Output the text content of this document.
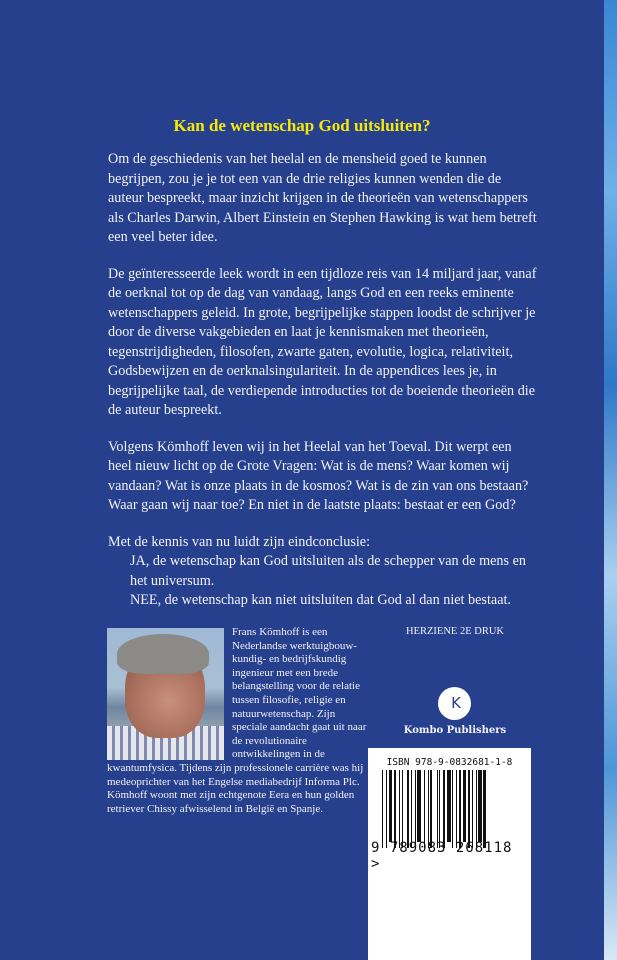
Kan de wetenschap God uitsluiten?

Om de geschiedenis van het heelal en de mensheid goed te kunnen begrijpen, zou je je tot een van de drie religies kunnen wenden die de auteur bespreekt, maar inzicht krijgen in de theorieën van wetenschappers als Charles Darwin, Albert Einstein en Stephen Hawking is wat hem betreft een veel beter idee.

De geïnteresseerde leek wordt in een tijdloze reis van 14 miljard jaar, vanaf de oerknal tot op de dag van vandaag, langs God en een reeks eminente wetenschappers geleid. In grote, begrijpelijke stappen loodst de schrijver je door de diverse vakgebieden en laat je kennismaken met theorieën, tegenstrijdigheden, filosofen, zwarte gaten, evolutie, logica, relativiteit, Godsbewijzen en de oerknalsingulariteit. In de appendices lees je, in begrijpelijke taal, de verdiepende introducties tot de boeiende theorieën die de auteur bespreekt.

Volgens Kömhoff leven wij in het Heelal van het Toeval. Dit werpt een heel nieuw licht op de Grote Vragen: Wat is de mens? Waar komen wij vandaan? Wat is onze plaats in de kosmos? Wat is de zin van ons bestaan? Waar gaan wij naar toe? En niet in de laatste plaats: bestaat er een God?

Met de kennis van nu luidt zijn eindconclusie:
JA, de wetenschap kan God uitsluiten als de schepper van de mens en het universum.
NEE, de wetenschap kan niet uitsluiten dat God al dan niet bestaat.
Frans Kömhoff is een Nederlandse werktuigbouw-kundig- en bedrijfskundig ingenieur met een brede belangstelling voor de relatie tussen filosofie, religie en natuurwetenschap. Zijn speciale aandacht gaat uit naar de revolutionaire ontwikkelingen in de kwantumfysica. Tijdens zijn professionele carrière was hij medeoprichter van het Engelse mediabedrijf Informa Plc.
Kömhoff woont met zijn echtgenote Eera en hun golden retriever Chissy afwisselend in België en Spanje.
HERZIENE 2E DRUK
K
Kombo Publishers
ISBN 978-9-0832681-1-8
9 789083 268118 >
